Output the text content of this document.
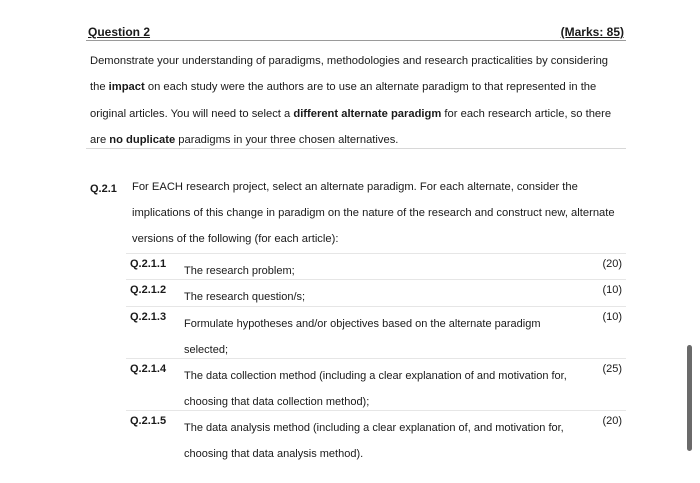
Question 2	(Marks: 85)

Demonstrate your understanding of paradigms, methodologies and research practicalities by considering the impact on each study were the authors are to use an alternate paradigm to that represented in the original articles. You will need to select a different alternate paradigm for each research article, so there are no duplicate paradigms in your three chosen alternatives.

Q.2.1 For EACH research project, select an alternate paradigm. For each alternate, consider the implications of this change in paradigm on the nature of the research and construct new, alternate versions of the following (for each article):
Q.2.1.1
The research problem;
(20)
Q.2.1.2
The research question/s;
(10)
Q.2.1.3
Formulate hypotheses and/or objectives based on the alternate paradigm selected;
(10)
Q.2.1.4
The data collection method (including a clear explanation of and motivation for, choosing that data collection method);
(25)
Q.2.1.5
The data analysis method (including a clear explanation of, and motivation for, choosing that data analysis method).
(20)
